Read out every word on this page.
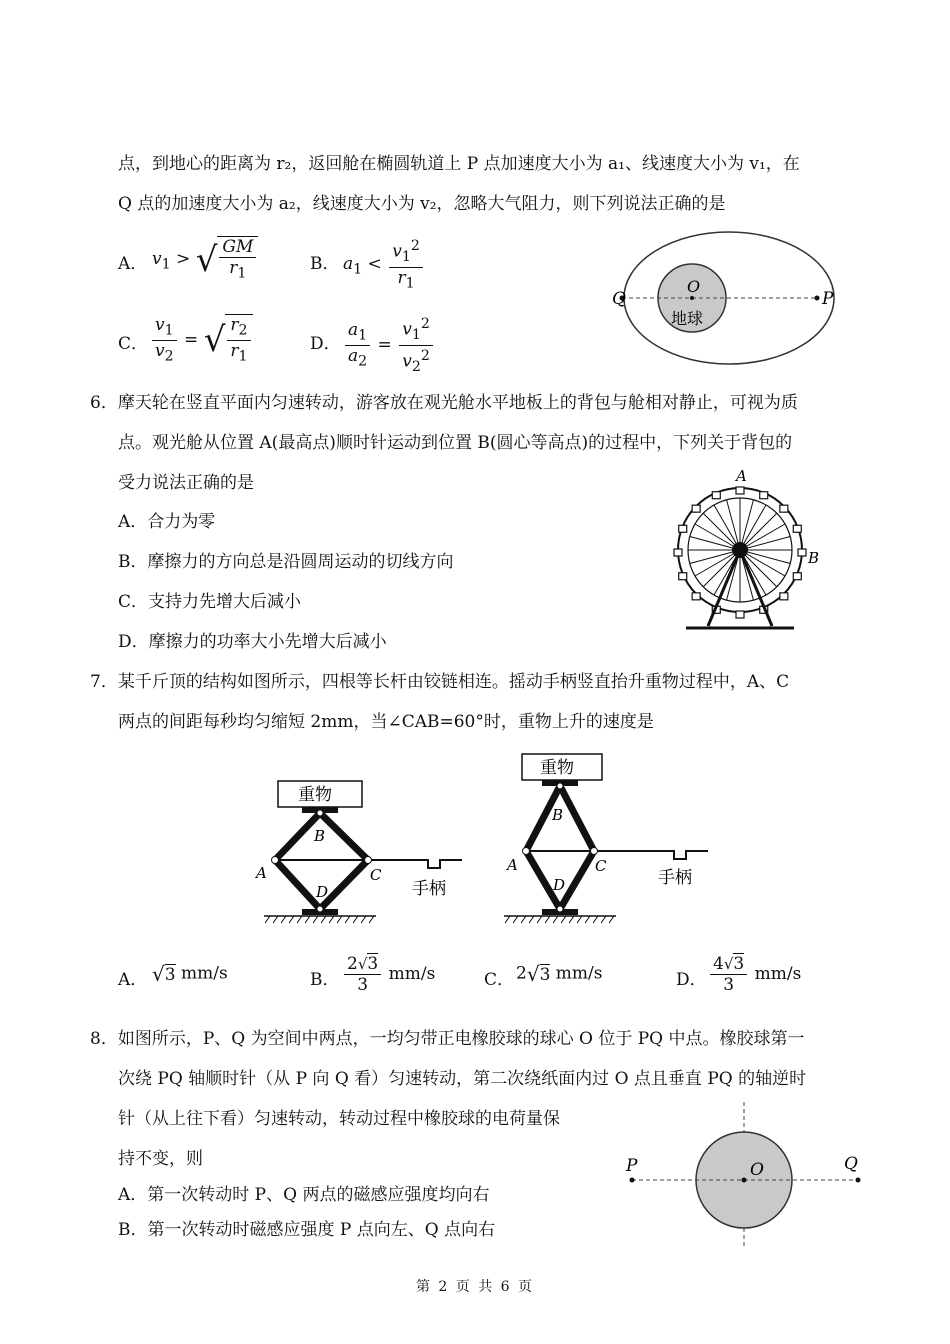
点，到地心的距离为 r₂，返回舱在椭圆轨道上 P 点加速度大小为 a₁、线速度大小为 v₁，在
Q 点的加速度大小为 a₂，线速度大小为 v₂，忽略大气阻力，则下列说法正确的是
A． $v_1$ > √ $\frac{GM}{r_1}$	B． $a_1 < \frac{v_1^2}{r_1}$
C． $\frac{v_1}{v_2}$ = √ $\frac{r_2}{r_1}$	D． $\frac{a_1}{a_2} = \frac{v_1^2}{v_2^2}$
Q
O
P
地球
6．摩天轮在竖直平面内匀速转动，游客放在观光舱水平地板上的背包与舱相对静止，可视为质
点。观光舱从位置 A(最高点)顺时针运动到位置 B(圆心等高点)的过程中，下列关于背包的
受力说法正确的是
A．合力为零
B．摩擦力的方向总是沿圆周运动的切线方向
C．支持力先增大后减小
D．摩擦力的功率大小先增大后减小
A
B
7．某千斤顶的结构如图所示，四根等长杆由铰链相连。摇动手柄竖直抬升重物过程中，A、C
两点的间距每秒均匀缩短 2mm，当∠CAB=60°时，重物上升的速度是
重物
B
A	C
D	手柄
重物
B
A	C
D	手柄
A． √ 3 mm/s	B． $\frac{2√3}{3} mm/s$	C． 2 √ 3 mm/s	D． $\frac{4√3}{3} mm/s$
8．如图所示，P、Q 为空间中两点，一均匀带正电橡胶球的球心 O 位于 PQ 中点。橡胶球第一
次绕 PQ 轴顺时针（从 P 向 Q 看）匀速转动，第二次绕纸面内过 O 点且垂直 PQ 的轴逆时
针（从上往下看）匀速转动，转动过程中橡胶球的电荷量保
持不变，则
A．第一次转动时 P、Q 两点的磁感应强度均向右
B．第一次转动时磁感应强度 P 点向左、Q 点向右
P	O	Q
第 2 页 共 6 页
